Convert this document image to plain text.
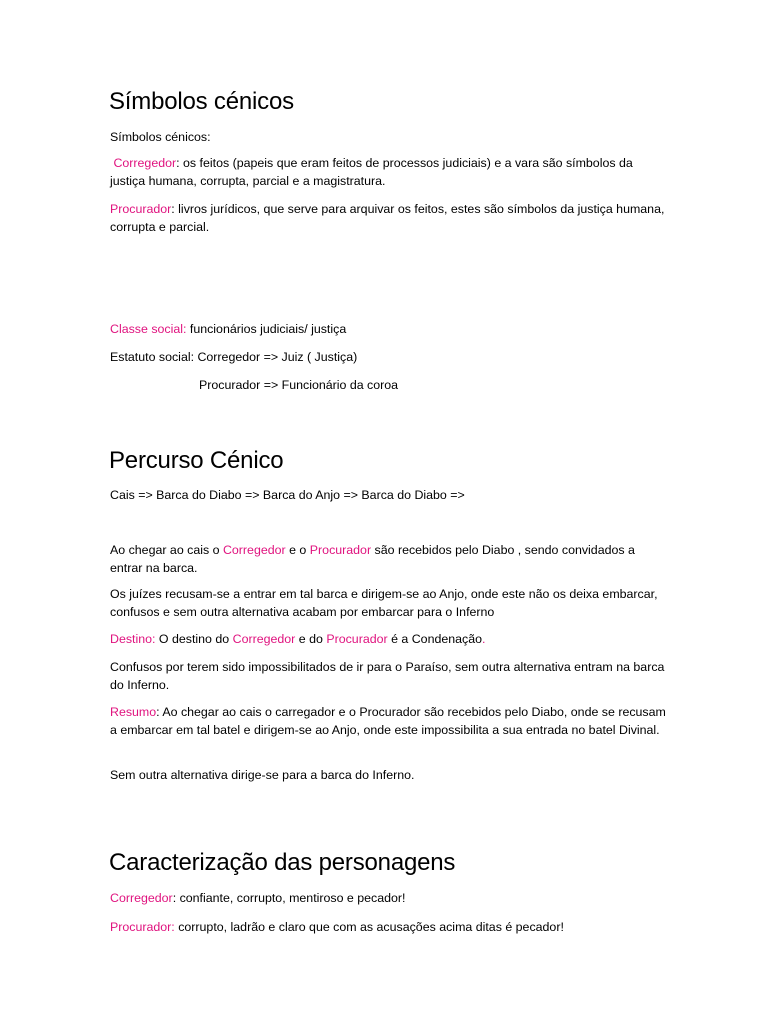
Símbolos cénicos

Símbolos cénicos:

Corregedor: os feitos (papeis que eram feitos de processos judiciais) e a vara são símbolos da justiça humana, corrupta, parcial e a magistratura.

Procurador: livros jurídicos, que serve para arquivar os feitos, estes são símbolos da justiça humana, corrupta e parcial.

Classe social: funcionários judiciais/ justiça

Estatuto social: Corregedor => Juiz ( Justiça)

Procurador => Funcionário da coroa

Percurso Cénico

Cais => Barca do Diabo => Barca do Anjo => Barca do Diabo =>

Ao chegar ao cais o Corregedor e o Procurador são recebidos pelo Diabo , sendo convidados a entrar na barca.

Os juízes recusam-se a entrar em tal barca e dirigem-se ao Anjo, onde este não os deixa embarcar, confusos e sem outra alternativa acabam por embarcar para o Inferno

Destino: O destino do Corregedor e do Procurador é a Condenação.

Confusos por terem sido impossibilitados de ir para o Paraíso, sem outra alternativa entram na barca do Inferno.

Resumo: Ao chegar ao cais o carregador e o Procurador são recebidos pelo Diabo, onde se recusam a embarcar em tal batel e dirigem-se ao Anjo, onde este impossibilita a sua entrada no batel Divinal.

Sem outra alternativa dirige-se para a barca do Inferno.

Caracterização das personagens

Corregedor: confiante, corrupto, mentiroso e pecador!

Procurador: corrupto, ladrão e claro que com as acusações acima ditas é pecador!
